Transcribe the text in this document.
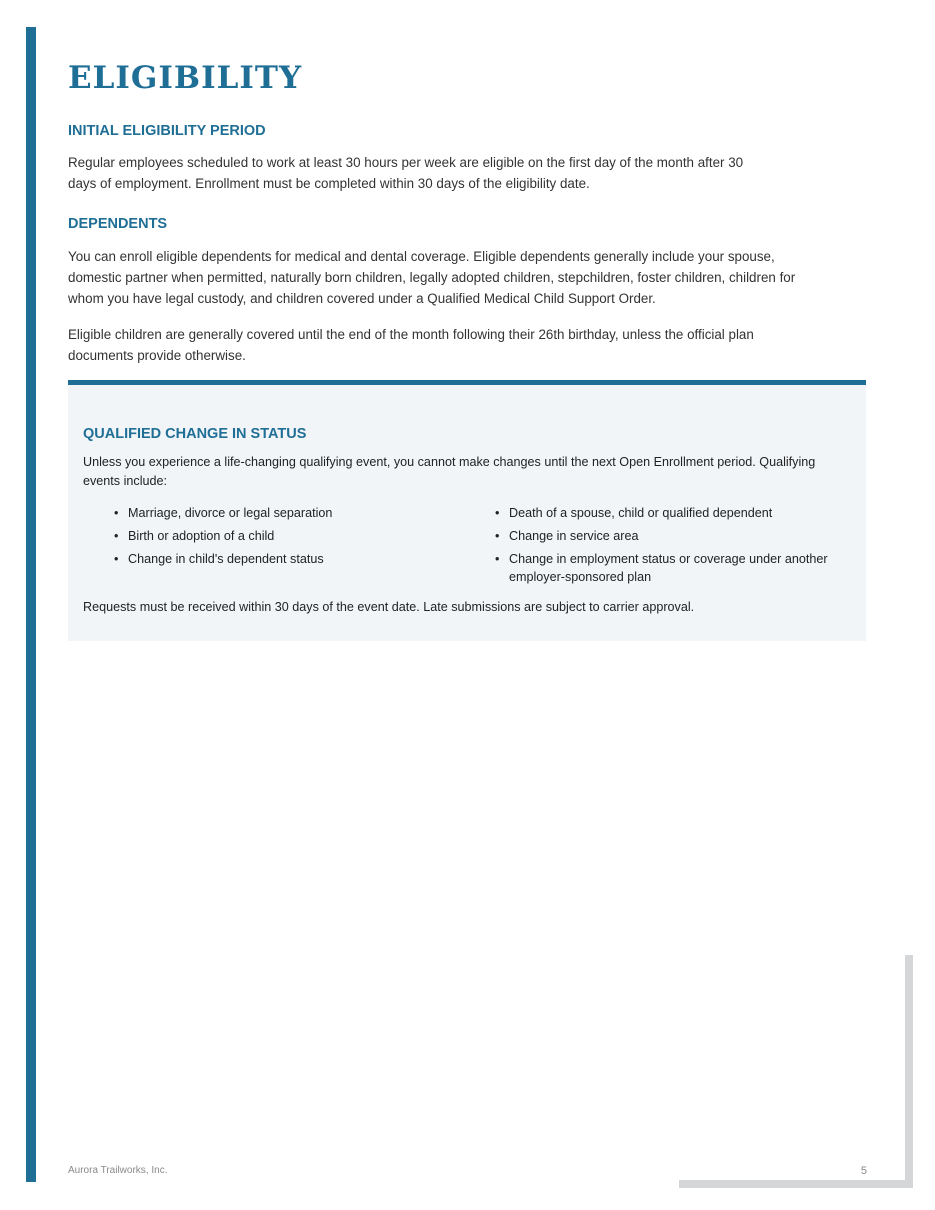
ELIGIBILITY
INITIAL ELIGIBILITY PERIOD

Regular employees scheduled to work at least 30 hours per week are eligible on the first day of the month after 30 days of employment. Enrollment must be completed within 30 days of the eligibility date.

DEPENDENTS

You can enroll eligible dependents for medical and dental coverage. Eligible dependents generally include your spouse, domestic partner when permitted, naturally born children, legally adopted children, stepchildren, foster children, children for whom you have legal custody, and children covered under a Qualified Medical Child Support Order.

Eligible children are generally covered until the end of the month following their 26th birthday, unless the official plan documents provide otherwise.

QUALIFIED CHANGE IN STATUS

Unless you experience a life-changing qualifying event, you cannot make changes until the next Open Enrollment period. Qualifying events include:

• Marriage, divorce or legal separation
• Birth or adoption of a child
• Change in child's dependent status
• Death of a spouse, child or qualified dependent
• Change in service area
• Change in employment status or coverage under another employer-sponsored plan

Requests must be received within 30 days of the event date. Late submissions are subject to carrier approval.

Aurora Trailworks, Inc.	5
